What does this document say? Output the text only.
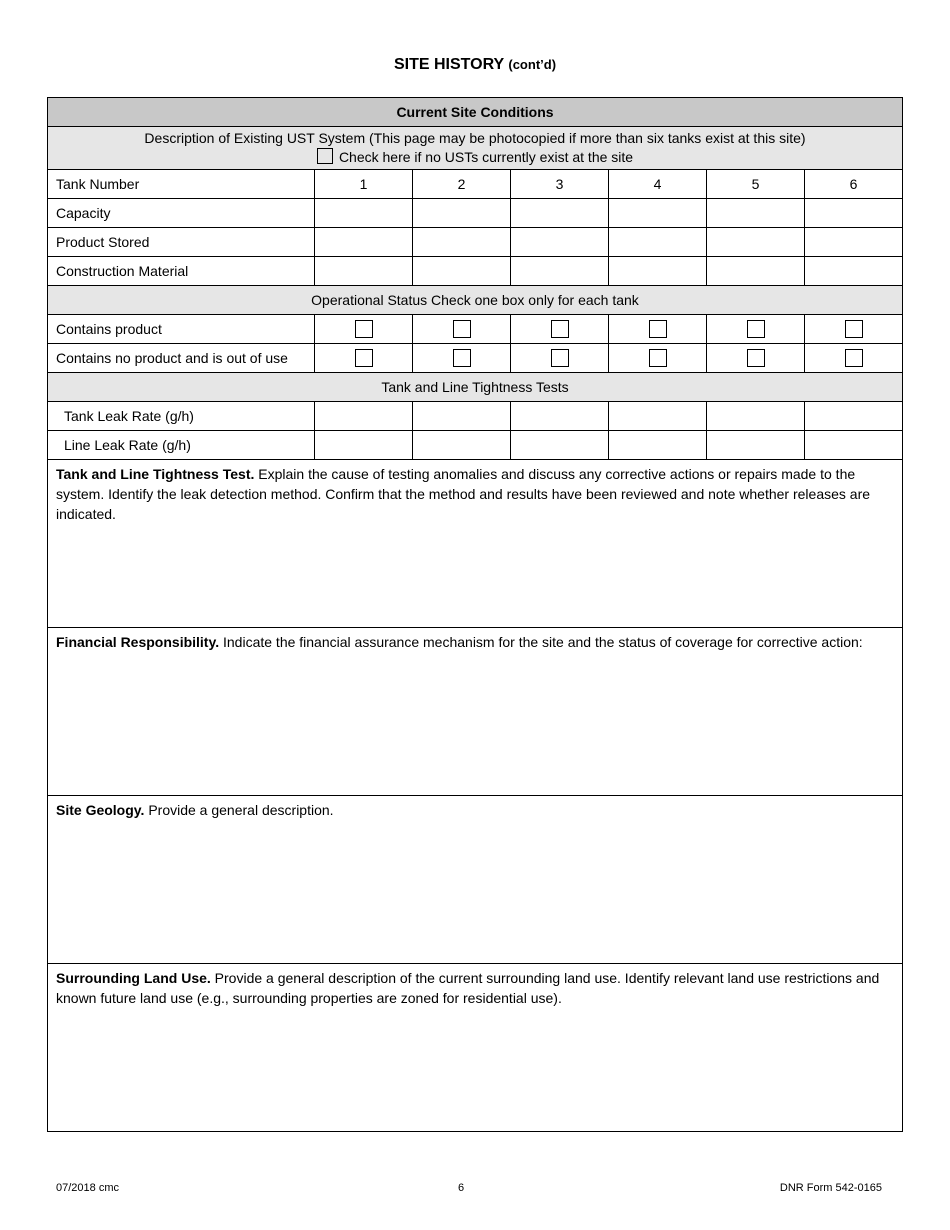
SITE HISTORY (cont’d)
Current Site Conditions						

Description of Existing UST System (This page may be photocopied if more than six tanks exist at this site)
Check here if no USTs currently exist at the site						

Tank Number	1	2	3	4	5	6
Capacity						
Product Stored						
Construction Material						
Operational Status Check one box only for each tank						
Contains product						
Contains no product and is out of use						
Tank and Line Tightness Tests						
Tank Leak Rate (g/h)						
Line Leak Rate (g/h)						
Tank and Line Tightness Test. Explain the cause of testing anomalies and discuss any corrective actions or repairs made to the system. Identify the leak detection method. Confirm that the method and results have been reviewed and note whether releases are indicated.						
Financial Responsibility. Indicate the financial assurance mechanism for the site and the status of coverage for corrective action:						
Site Geology. Provide a general description.						
Surrounding Land Use. Provide a general description of the current surrounding land use. Identify relevant land use restrictions and known future land use (e.g., surrounding properties are zoned for residential use).						
07/2018 cmc	6	DNR Form 542-0165
